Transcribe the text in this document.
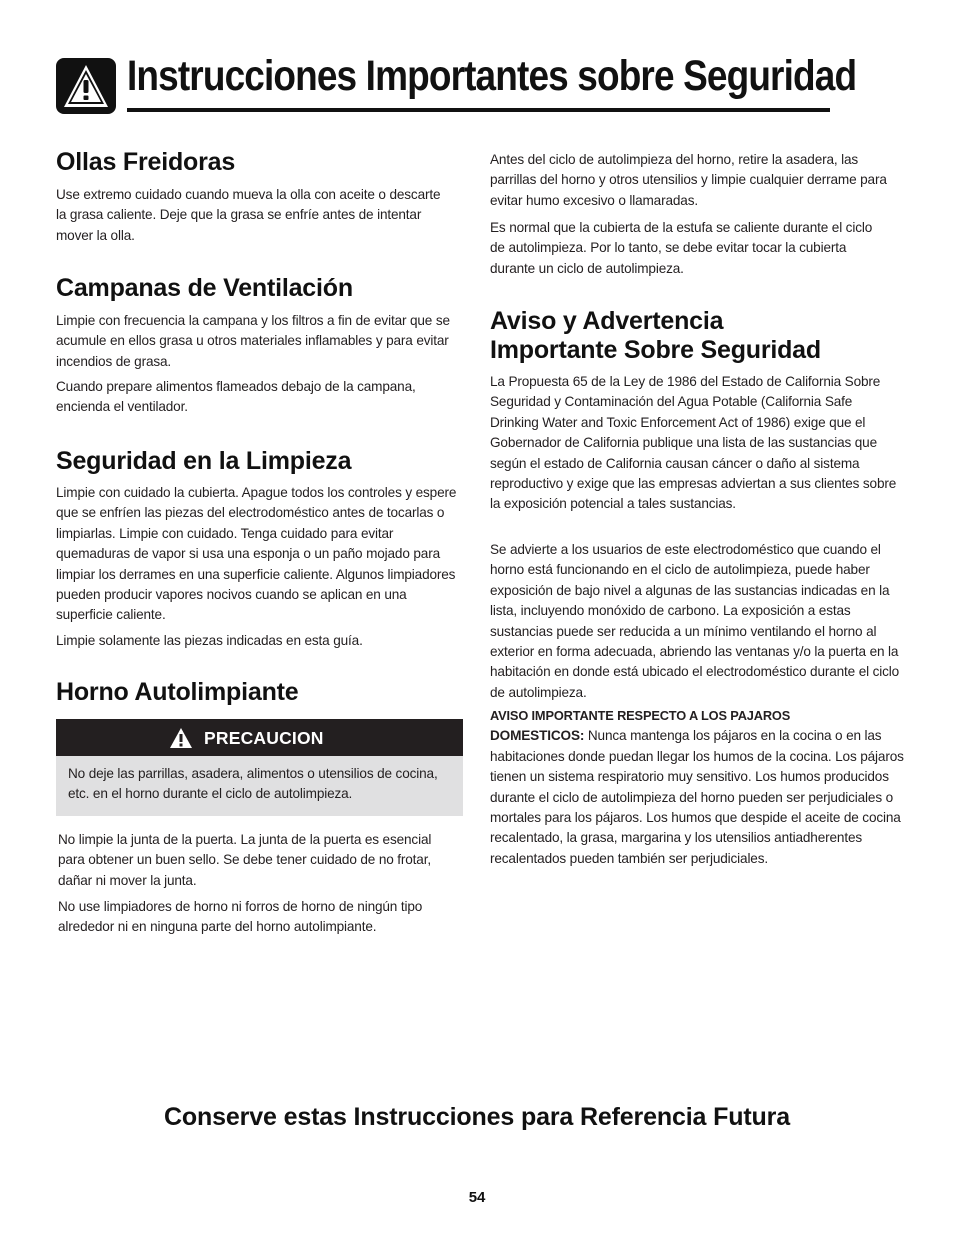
Instrucciones Importantes sobre Seguridad
Ollas Freidoras

Use extremo cuidado cuando mueva la olla con aceite o descarte la grasa caliente. Deje que la grasa se enfríe antes de intentar mover la olla.

Campanas de Ventilación

Limpie con frecuencia la campana y los filtros a fin de evitar que se acumule en ellos grasa u otros materiales inflamables y para evitar incendios de grasa.

Cuando prepare alimentos flameados debajo de la campana, encienda el ventilador.

Seguridad en la Limpieza

Limpie con cuidado la cubierta. Apague todos los controles y espere que se enfríen las piezas del electrodoméstico antes de tocarlas o limpiarlas. Limpie con cuidado. Tenga cuidado para evitar quemaduras de vapor si usa una esponja o un paño mojado para limpiar los derrames en una superficie caliente. Algunos limpiadores pueden producir vapores nocivos cuando se aplican en una superficie caliente.

Limpie solamente las piezas indicadas en esta guía.

Horno Autolimpiante
PRECAUCION

No deje las parrillas, asadera, alimentos o utensilios de cocina, etc. en el horno durante el ciclo de autolimpieza.

No limpie la junta de la puerta. La junta de la puerta es esencial para obtener un buen sello. Se debe tener cuidado de no frotar, dañar ni mover la junta.

No use limpiadores de horno ni forros de horno de ningún tipo alrededor ni en ninguna parte del horno autolimpiante.

Antes del ciclo de autolimpieza del horno, retire la asadera, las parrillas del horno y otros utensilios y limpie cualquier derrame para evitar humo excesivo o llamaradas.

Es normal que la cubierta de la estufa se caliente durante el ciclo de autolimpieza. Por lo tanto, se debe evitar tocar la cubierta durante un ciclo de autolimpieza.

Aviso y Advertencia
Importante Sobre Seguridad

La Propuesta 65 de la Ley de 1986 del Estado de California Sobre Seguridad y Contaminación del Agua Potable (California Safe Drinking Water and Toxic Enforcement Act of 1986) exige que el Gobernador de California publique una lista de las sustancias que según el estado de California causan cáncer o daño al sistema reproductivo y exige que las empresas adviertan a sus clientes sobre la exposición potencial a tales sustancias.

Se advierte a los usuarios de este electrodoméstico que cuando el horno está funcionando en el ciclo de autolimpieza, puede haber exposición de bajo nivel a algunas de las sustancias indicadas en la lista, incluyendo monóxido de carbono. La exposición a estas sustancias puede ser reducida a un mínimo ventilando el horno al exterior en forma adecuada, abriendo las ventanas y/o la puerta en la habitación en donde está ubicado el electrodoméstico durante el ciclo de autolimpieza.

AVISO IMPORTANTE RESPECTO A LOS PAJAROS
DOMESTICOS: Nunca mantenga los pájaros en la cocina o en las habitaciones donde puedan llegar los humos de la cocina. Los pájaros tienen un sistema respiratorio muy sensitivo. Los humos producidos durante el ciclo de autolimpieza del horno pueden ser perjudiciales o mortales para los pájaros. Los humos que despide el aceite de cocina recalentado, la grasa, margarina y los utensilios antiadherentes recalentados pueden también ser perjudiciales.

Conserve estas Instrucciones para Referencia Futura

54
